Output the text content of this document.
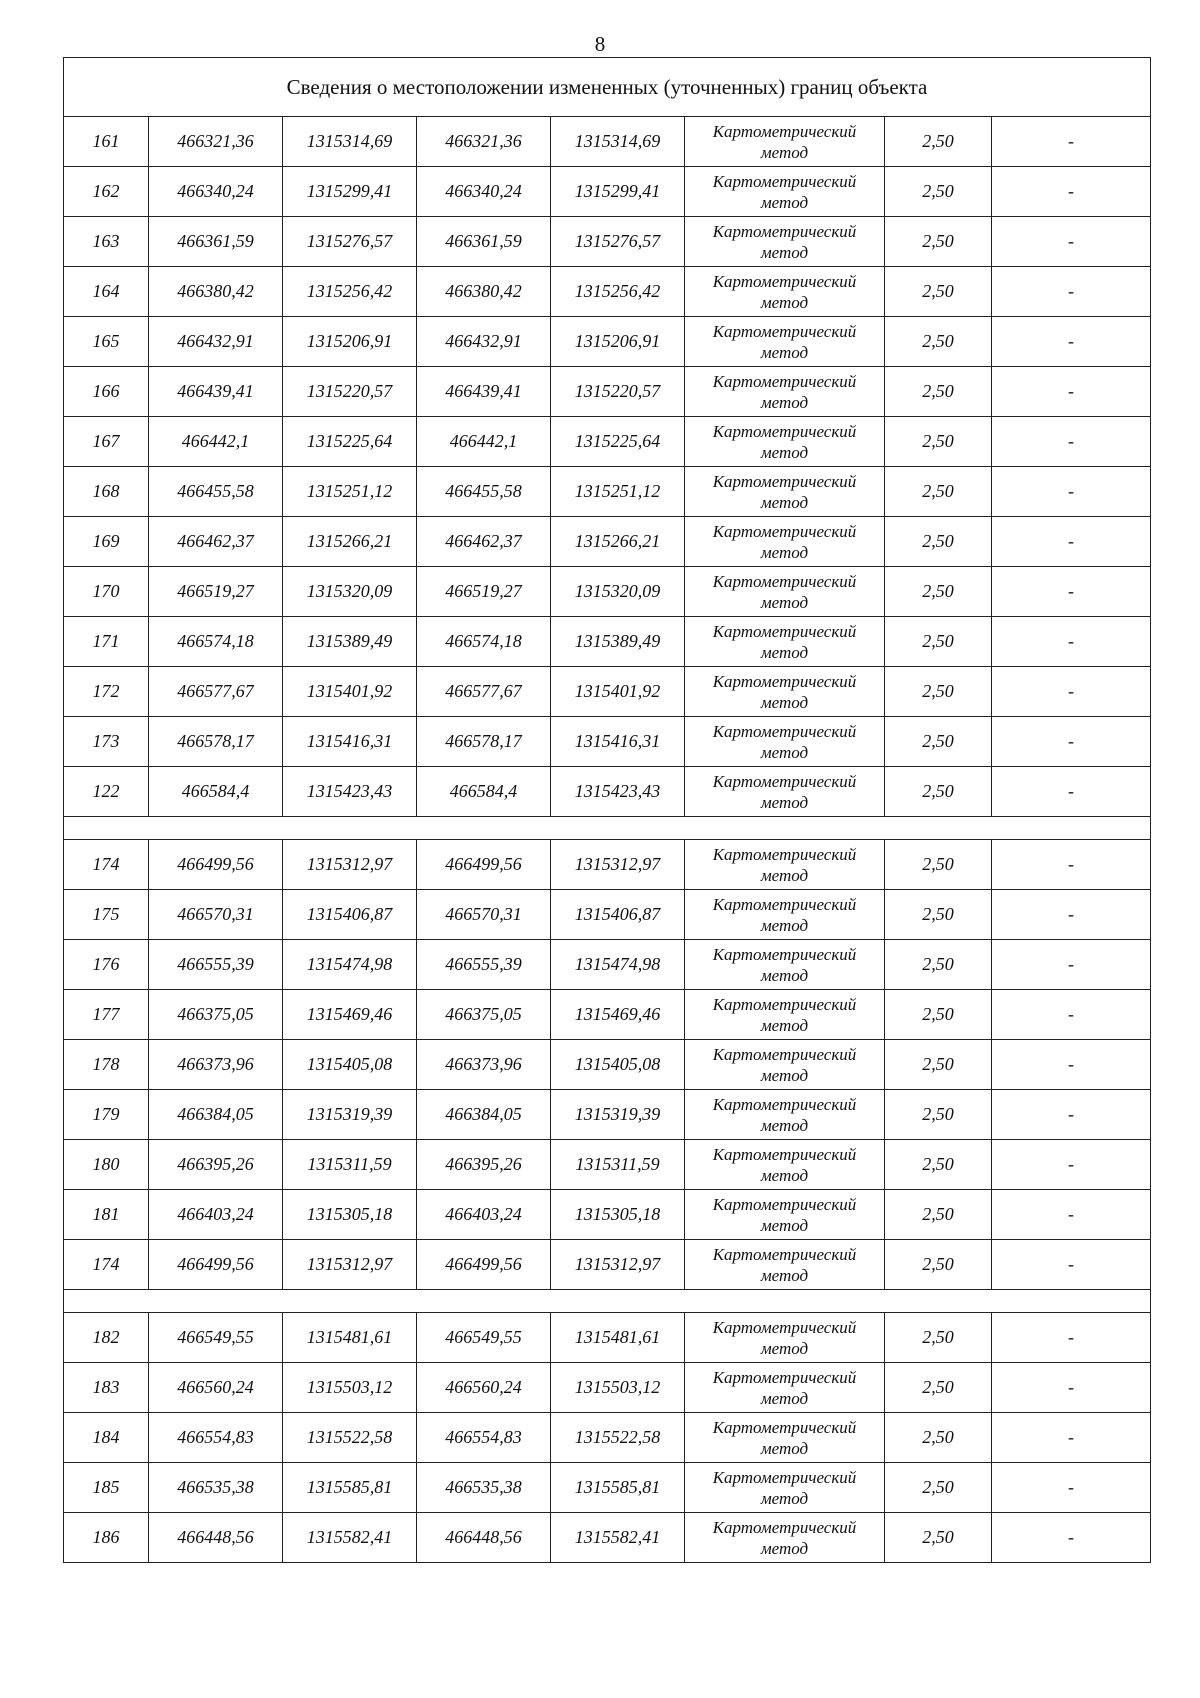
8
Сведения о местоположении измененных (уточненных) границ объекта							
161	466321,36	1315314,69	466321,36	1315314,69	Картометрический
метод	2,50	-
162	466340,24	1315299,41	466340,24	1315299,41	Картометрический
метод	2,50	-
163	466361,59	1315276,57	466361,59	1315276,57	Картометрический
метод	2,50	-
164	466380,42	1315256,42	466380,42	1315256,42	Картометрический
метод	2,50	-
165	466432,91	1315206,91	466432,91	1315206,91	Картометрический
метод	2,50	-
166	466439,41	1315220,57	466439,41	1315220,57	Картометрический
метод	2,50	-
167	466442,1	1315225,64	466442,1	1315225,64	Картометрический
метод	2,50	-
168	466455,58	1315251,12	466455,58	1315251,12	Картометрический
метод	2,50	-
169	466462,37	1315266,21	466462,37	1315266,21	Картометрический
метод	2,50	-
170	466519,27	1315320,09	466519,27	1315320,09	Картометрический
метод	2,50	-
171	466574,18	1315389,49	466574,18	1315389,49	Картометрический
метод	2,50	-
172	466577,67	1315401,92	466577,67	1315401,92	Картометрический
метод	2,50	-
173	466578,17	1315416,31	466578,17	1315416,31	Картометрический
метод	2,50	-
122	466584,4	1315423,43	466584,4	1315423,43	Картометрический
метод	2,50	-

174	466499,56	1315312,97	466499,56	1315312,97	Картометрический
метод	2,50	-
175	466570,31	1315406,87	466570,31	1315406,87	Картометрический
метод	2,50	-
176	466555,39	1315474,98	466555,39	1315474,98	Картометрический
метод	2,50	-
177	466375,05	1315469,46	466375,05	1315469,46	Картометрический
метод	2,50	-
178	466373,96	1315405,08	466373,96	1315405,08	Картометрический
метод	2,50	-
179	466384,05	1315319,39	466384,05	1315319,39	Картометрический
метод	2,50	-
180	466395,26	1315311,59	466395,26	1315311,59	Картометрический
метод	2,50	-
181	466403,24	1315305,18	466403,24	1315305,18	Картометрический
метод	2,50	-
174	466499,56	1315312,97	466499,56	1315312,97	Картометрический
метод	2,50	-

182	466549,55	1315481,61	466549,55	1315481,61	Картометрический
метод	2,50	-
183	466560,24	1315503,12	466560,24	1315503,12	Картометрический
метод	2,50	-
184	466554,83	1315522,58	466554,83	1315522,58	Картометрический
метод	2,50	-
185	466535,38	1315585,81	466535,38	1315585,81	Картометрический
метод	2,50	-
186	466448,56	1315582,41	466448,56	1315582,41	Картометрический
метод	2,50	-
